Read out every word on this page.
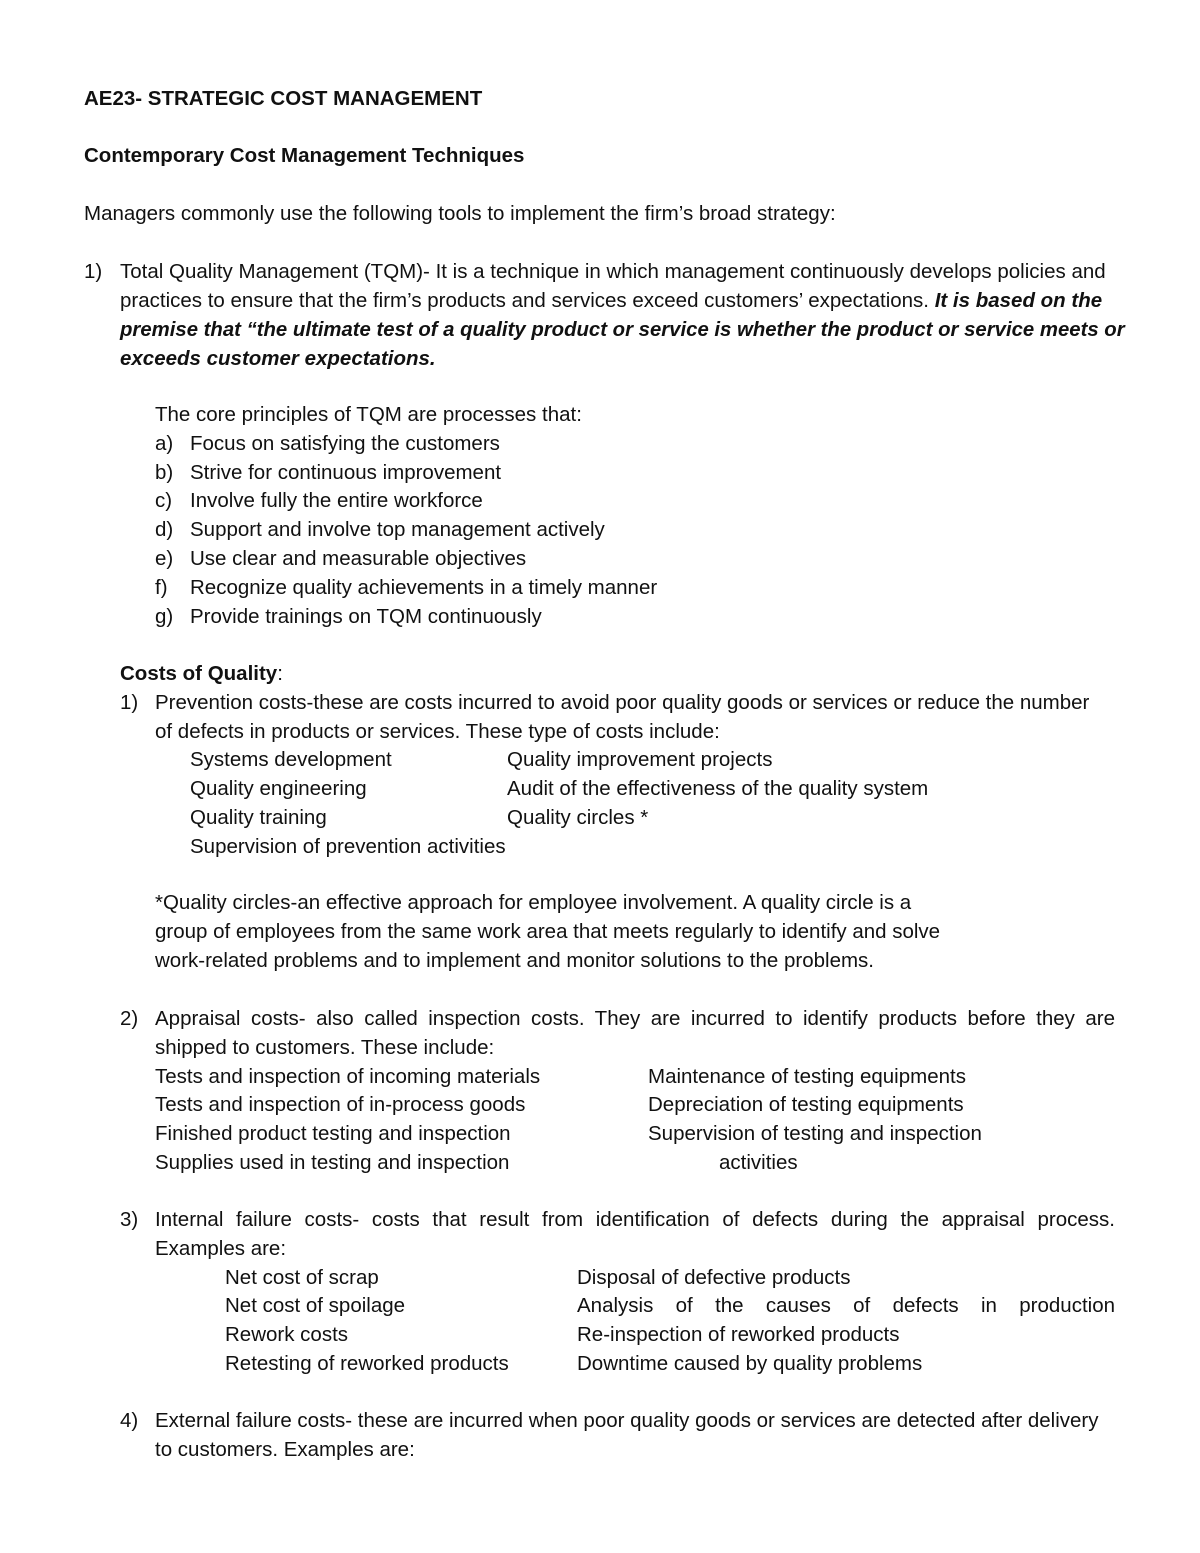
AE23- STRATEGIC COST MANAGEMENT
Contemporary Cost Management Techniques
Managers commonly use the following tools to implement the firm’s broad strategy:
1) Total Quality Management (TQM)- It is a technique in which management continuously develops policies and
practices to ensure that the firm’s products and services exceed customers’ expectations. It is based on the
premise that “the ultimate test of a quality product or service is whether the product or service meets or
exceeds customer expectations.
The core principles of TQM are processes that:
a) Focus on satisfying the customers
b) Strive for continuous improvement
c) Involve fully the entire workforce
d) Support and involve top management actively
e) Use clear and measurable objectives
f) Recognize quality achievements in a timely manner
g) Provide trainings on TQM continuously
Costs of Quality:
1) Prevention costs-these are costs incurred to avoid poor quality goods or services or reduce the number
of defects in products or services. These type of costs include:
Systems development
Quality engineering
Quality training
Supervision of prevention activities
Quality improvement projects
Audit of the effectiveness of the quality system
Quality circles *
*Quality circles-an effective approach for employee involvement. A quality circle is a
group of employees from the same work area that meets regularly to identify and solve
work-related problems and to implement and monitor solutions to the problems.
2) Appraisal costs- also called inspection costs. They are incurred to identify products before they are
shipped to customers. These include:
Tests and inspection of incoming materials
Tests and inspection of in-process goods
Finished product testing and inspection
Supplies used in testing and inspection
Maintenance of testing equipments
Depreciation of testing equipments
Supervision of testing and inspection
activities
3) Internal failure costs- costs that result from identification of defects during the appraisal process.
Examples are:
Net cost of scrap
Net cost of spoilage
Rework costs
Retesting of reworked products
Disposal of defective products
Analysis of the causes of defects in production
Re-inspection of reworked products
Downtime caused by quality problems
4) External failure costs- these are incurred when poor quality goods or services are detected after delivery
to customers. Examples are:
